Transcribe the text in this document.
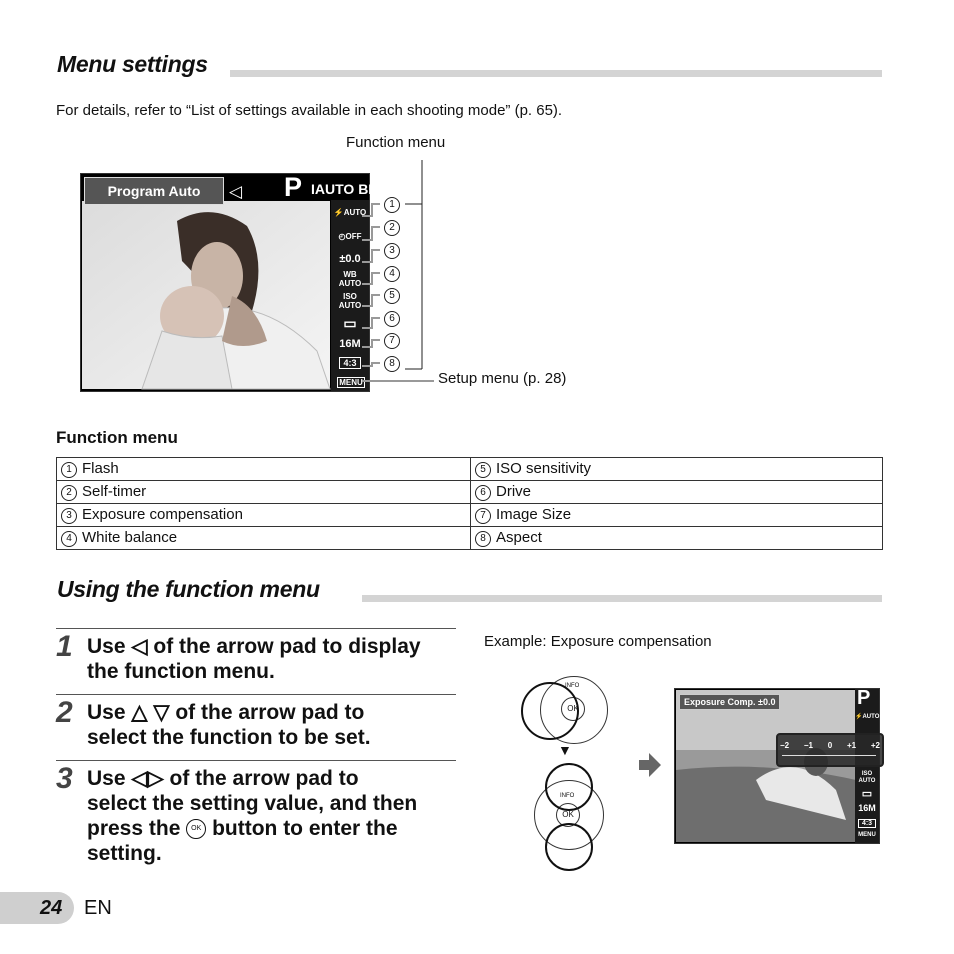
Menu settings
For details, refer to “List of settings available in each shooting mode” (p. 65).
Function menu
Program Auto	◁ P IAUTO BEAI
⚡AUTO
◴OFF
±0.0
WB AUTO
ISO AUTO
▭
16M
4:3
MENU
1
2
3
4
5
6
7
8
Setup menu (p. 28)
Function menu
1 Flash	5 ISO sensitivity
2 Self-timer	6 Drive
3 Exposure compensation	7 Image Size
4 White balance	8 Aspect
Using the function menu
1 Use ◁ of the arrow pad to display
the function menu.
2 Use △ ▽ of the arrow pad to
select the function to be set.
3 Use ◁▷ of the arrow pad to
select the setting value, and then
press the OK button to enter the
setting.
Example: Exposure compensation
OK
INFO
▼
OK
INFO
Exposure Comp. ±0.0	P
⚡AUTO
ISO AUTO
▭
16M
4:3
MENU
−2 −1 0 +1 +2
24 EN
